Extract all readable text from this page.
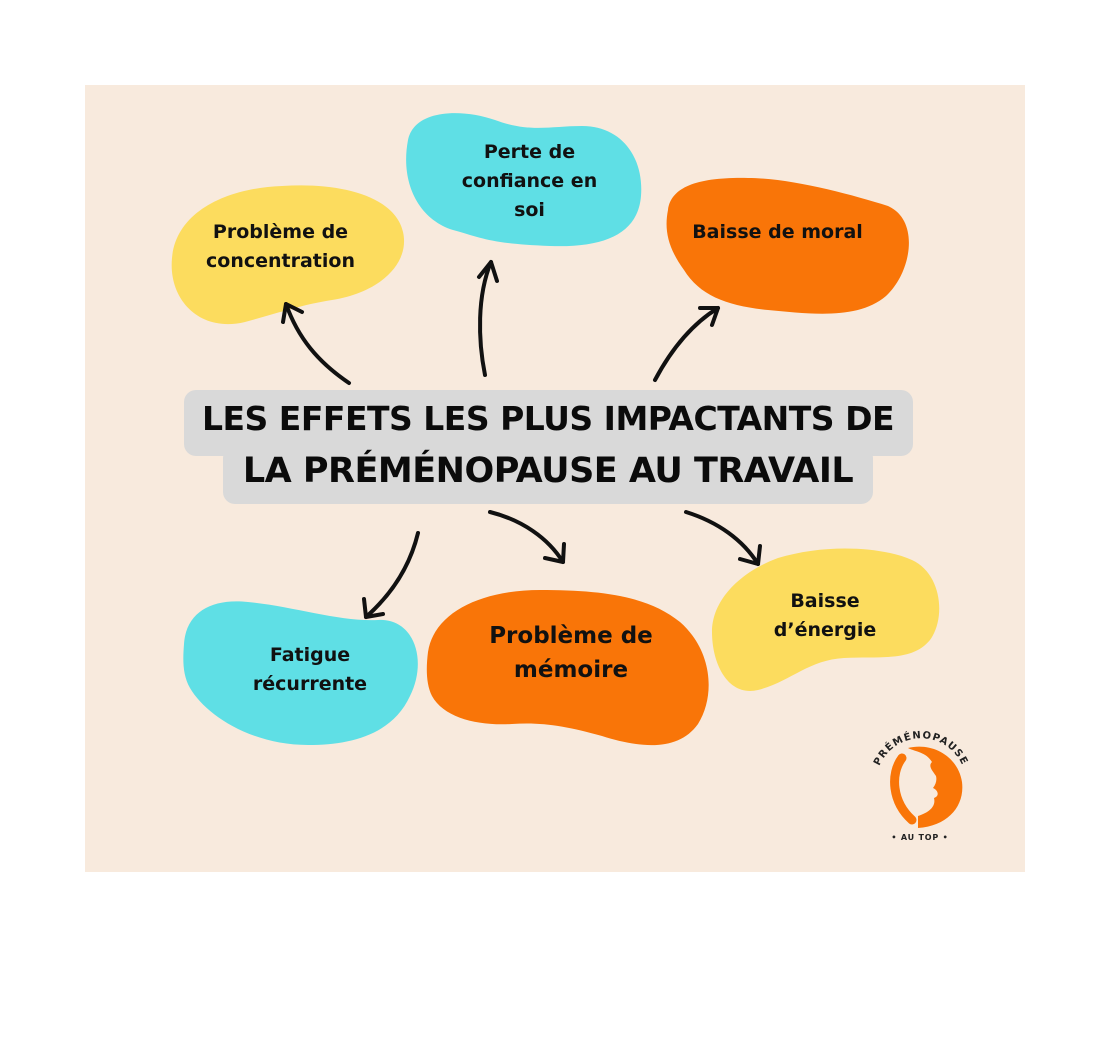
PRÉMÉNOPAUSE
• AU TOP •
Problème de
concentration
Perte de
confiance en
soi
Baisse de moral
Fatigue
récurrente
Problème de
mémoire
Baisse
d’énergie
LES EFFETS LES PLUS IMPACTANTS DE
LA PRÉMÉNOPAUSE AU TRAVAIL
